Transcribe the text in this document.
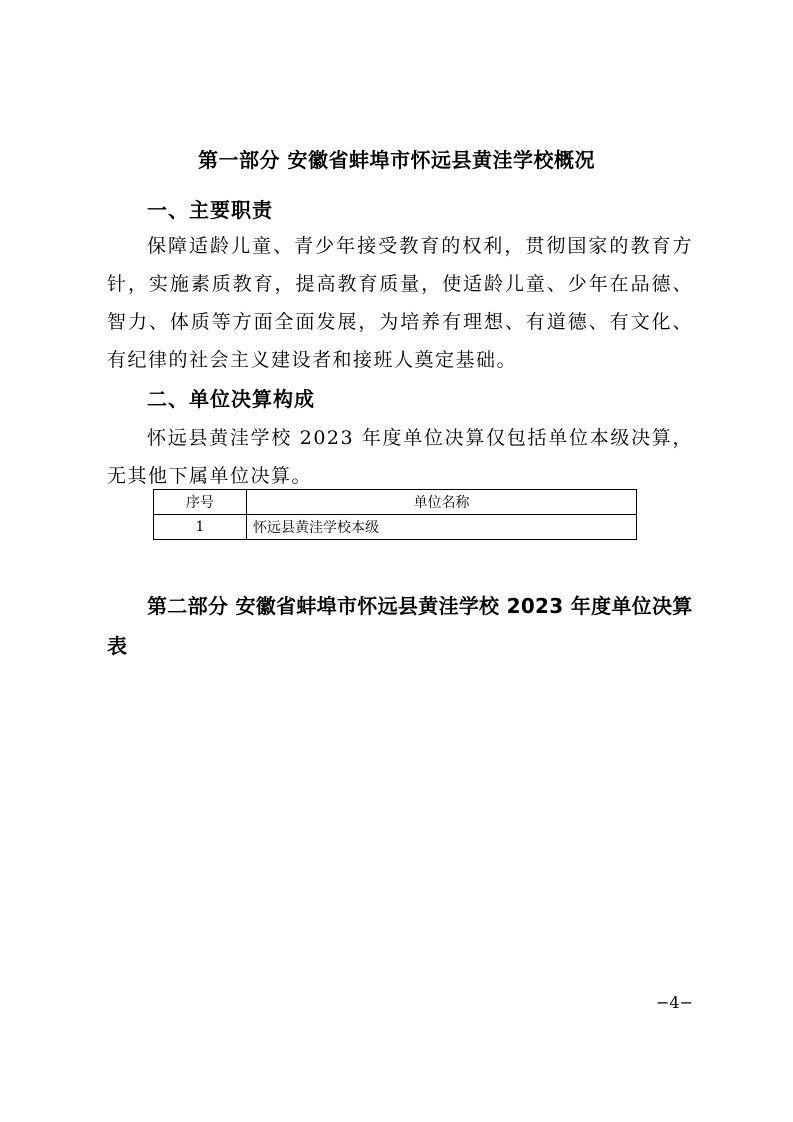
第一部分 安徽省蚌埠市怀远县黄洼学校概况
一、主要职责
保障适龄儿童、青少年接受教育的权利，贯彻国家的教育方针，实施素质教育，提高教育质量，使适龄儿童、少年在品德、智力、体质等方面全面发展，为培养有理想、有道德、有文化、有纪律的社会主义建设者和接班人奠定基础。
二、单位决算构成
怀远县黄洼学校 2023 年度单位决算仅包括单位本级决算，无其他下属单位决算。
序号	单位名称
1	怀远县黄洼学校本级
第二部分 安徽省蚌埠市怀远县黄洼学校 2023 年度单位决算表
−4−
